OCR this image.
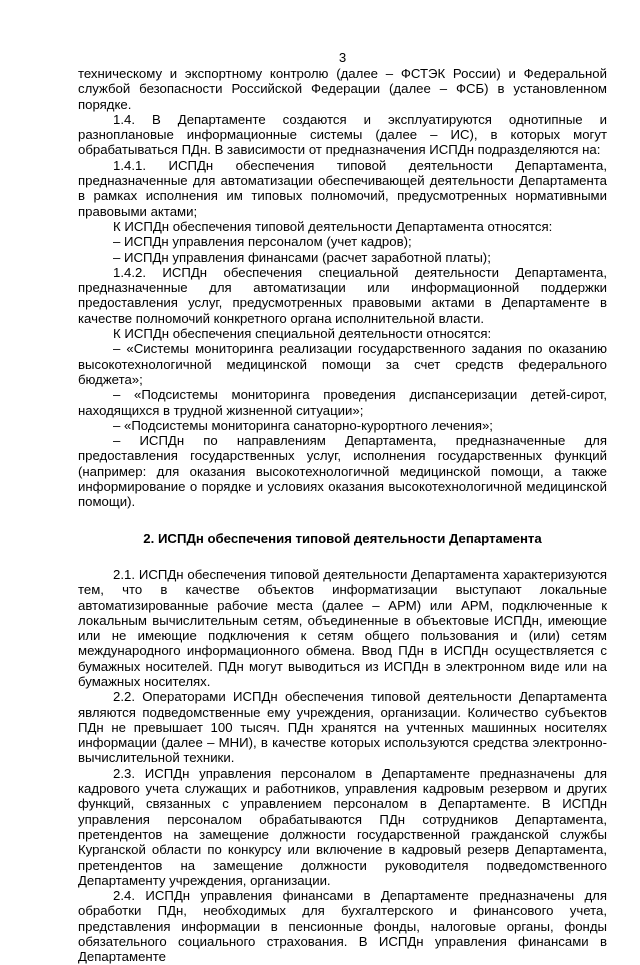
3

техническому и экспортному контролю (далее – ФСТЭК России) и Федеральной службой безопасности Российской Федерации (далее – ФСБ) в установленном порядке.

1.4. В Департаменте создаются и эксплуатируются однотипные и разноплановые информационные системы (далее – ИС), в которых могут обрабатываться ПДн. В зависимости от предназначения ИСПДн подразделяются на:

1.4.1. ИСПДн обеспечения типовой деятельности Департамента, предназначенные для автоматизации обеспечивающей деятельности Департамента в рамках исполнения им типовых полномочий, предусмотренных нормативными правовыми актами;

К ИСПДн обеспечения типовой деятельности Департамента относятся:

– ИСПДн управления персоналом (учет кадров);

– ИСПДн управления финансами (расчет заработной платы);

1.4.2. ИСПДн обеспечения специальной деятельности Департамента, предназначенные для автоматизации или информационной поддержки предоставления услуг, предусмотренных правовыми актами в Департаменте в качестве полномочий конкретного органа исполнительной власти.

К ИСПДн обеспечения специальной деятельности относятся:

– «Системы мониторинга реализации государственного задания по оказанию высокотехнологичной медицинской помощи за счет средств федерального бюджета»;

– «Подсистемы мониторинга проведения диспансеризации детей-сирот, находящихся в трудной жизненной ситуации»;

– «Подсистемы мониторинга санаторно-курортного лечения»;

– ИСПДн по направлениям Департамента, предназначенные для предоставления государственных услуг, исполнения государственных функций (например: для оказания высокотехнологичной медицинской помощи, а также информирование о порядке и условиях оказания высокотехнологичной медицинской помощи).

2. ИСПДн обеспечения типовой деятельности Департамента

2.1. ИСПДн обеспечения типовой деятельности Департамента характеризуются тем, что в качестве объектов информатизации выступают локальные автоматизированные рабочие места (далее – АРМ) или АРМ, подключенные к локальным вычислительным сетям, объединенные в объектовые ИСПДн, имеющие или не имеющие подключения к сетям общего пользования и (или) сетям международного информационного обмена. Ввод ПДн в ИСПДн осуществляется с бумажных носителей. ПДн могут выводиться из ИСПДн в электронном виде или на бумажных носителях.

2.2. Операторами ИСПДн обеспечения типовой деятельности Департамента являются подведомственные ему учреждения, организации. Количество субъектов ПДн не превышает 100 тысяч. ПДн хранятся на учтенных машинных носителях информации (далее – МНИ), в качестве которых используются средства электронно-вычислительной техники.

2.3. ИСПДн управления персоналом в Департаменте предназначены для кадрового учета служащих и работников, управления кадровым резервом и других функций, связанных с управлением персоналом в Департаменте. В ИСПДн управления персоналом обрабатываются ПДн сотрудников Департамента, претендентов на замещение должности государственной гражданской службы Курганской области по конкурсу или включение в кадровый резерв Департамента, претендентов на замещение должности руководителя подведомственного Департаменту учреждения, организации.

2.4. ИСПДн управления финансами в Департаменте предназначены для обработки ПДн, необходимых для бухгалтерского и финансового учета, представления информации в пенсионные фонды, налоговые органы, фонды обязательного социального страхования. В ИСПДн управления финансами в Департаменте
